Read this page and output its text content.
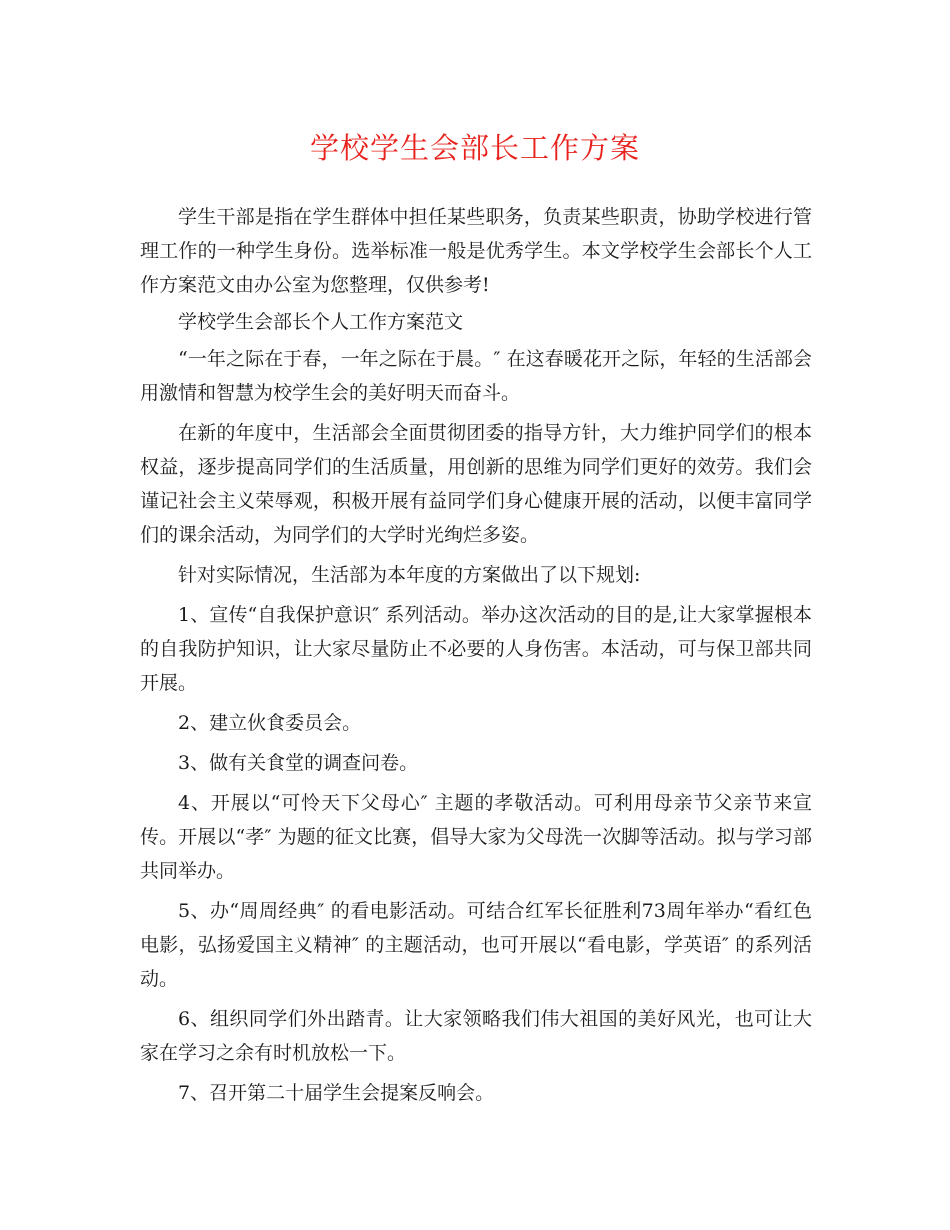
学校学生会部长工作方案

学生干部是指在学生群体中担任某些职务，负责某些职责，协助学校进行管理工作的一种学生身份。选举标准一般是优秀学生。本文学校学生会部长个人工作方案范文由办公室为您整理，仅供参考!

学校学生会部长个人工作方案范文

“一年之际在于春，一年之际在于晨。″ 在这春暖花开之际，年轻的生活部会用激情和智慧为校学生会的美好明天而奋斗。

在新的年度中，生活部会全面贯彻团委的指导方针，大力维护同学们的根本权益，逐步提高同学们的生活质量，用创新的思维为同学们更好的效劳。我们会谨记社会主义荣辱观，积极开展有益同学们身心健康开展的活动，以便丰富同学们的课余活动，为同学们的大学时光绚烂多姿。

针对实际情况，生活部为本年度的方案做出了以下规划:

1、宣传“自我保护意识″ 系列活动。举办这次活动的目的是,让大家掌握根本的自我防护知识，让大家尽量防止不必要的人身伤害。本活动，可与保卫部共同开展。

2、建立伙食委员会。

3、做有关食堂的调查问卷。

4、开展以“可怜天下父母心″ 主题的孝敬活动。可利用母亲节父亲节来宣传。开展以“孝″ 为题的征文比赛，倡导大家为父母洗一次脚等活动。拟与学习部共同举办。

5、办“周周经典″ 的看电影活动。可结合红军长征胜利73周年举办“看红色电影，弘扬爱国主义精神″ 的主题活动，也可开展以“看电影，学英语″ 的系列活动。

6、组织同学们外出踏青。让大家领略我们伟大祖国的美好风光，也可让大家在学习之余有时机放松一下。

7、召开第二十届学生会提案反响会。
